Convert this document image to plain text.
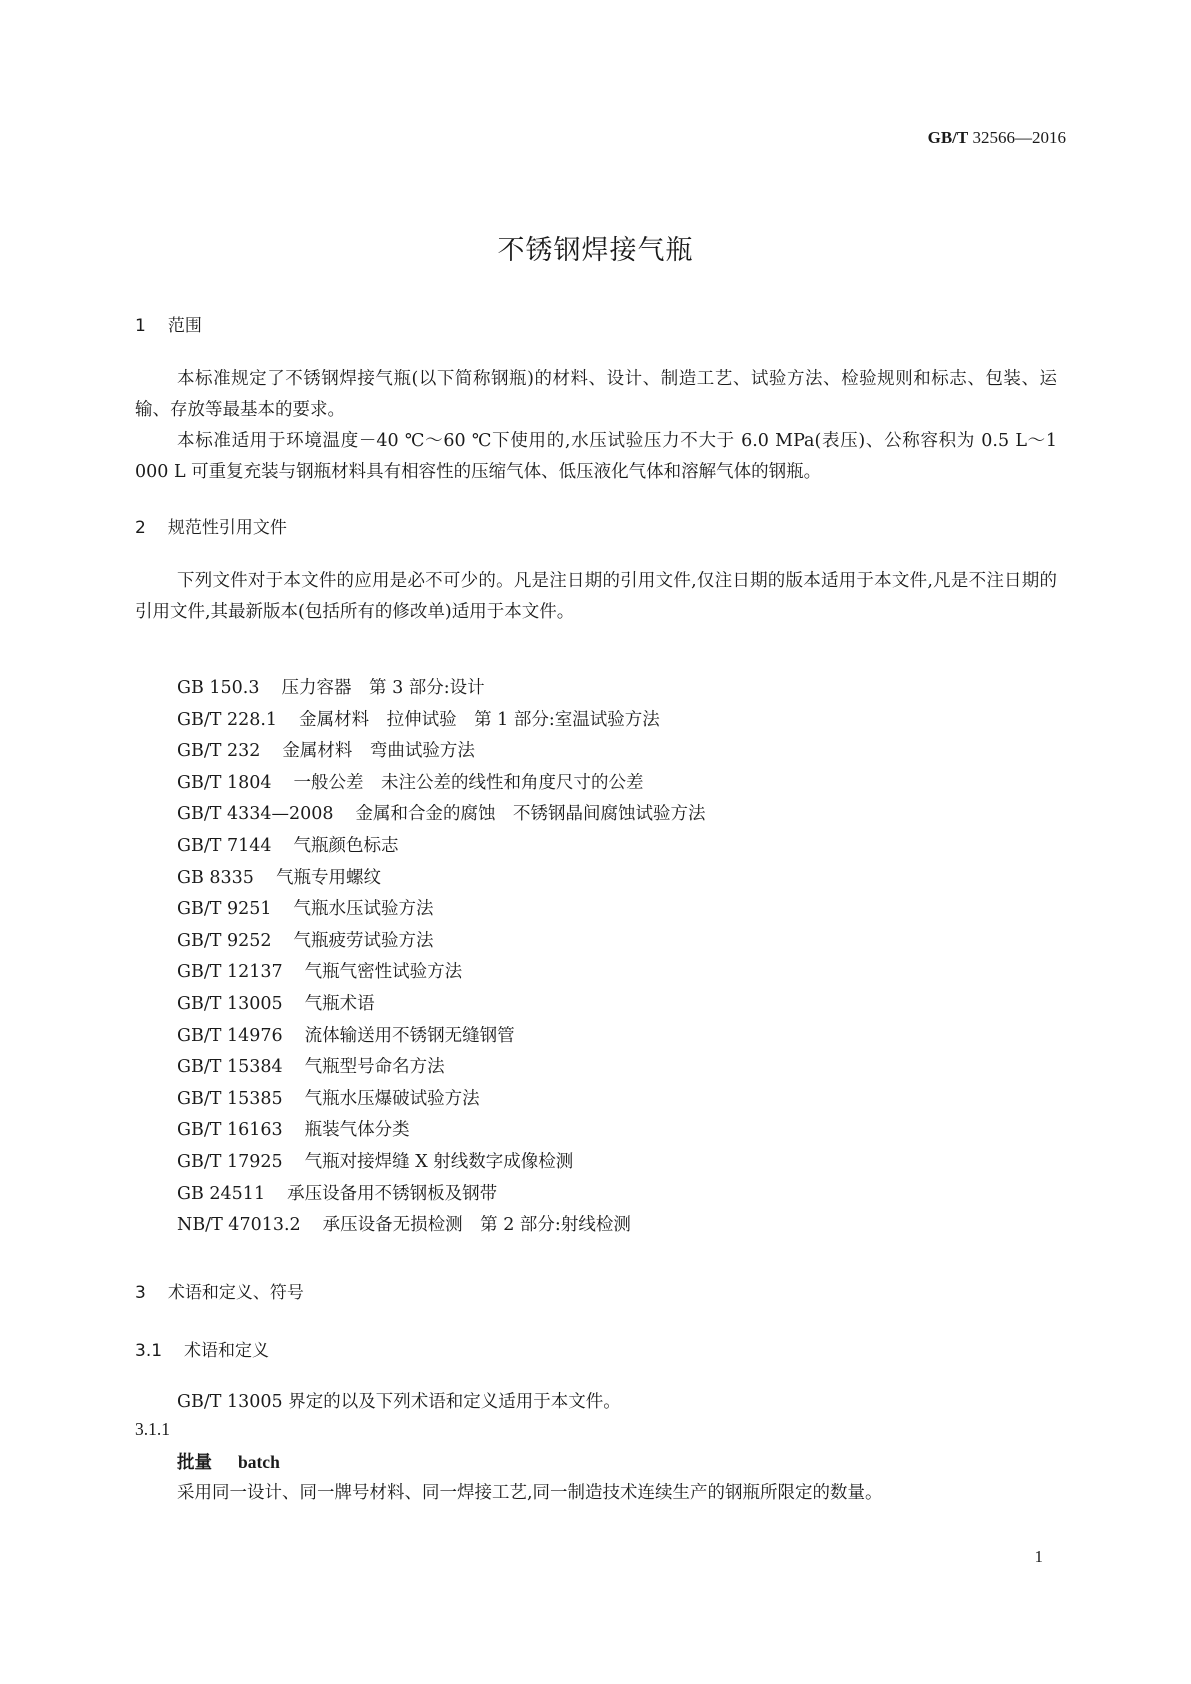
GB/T 32566—2016
不锈钢焊接气瓶
1 范围
本标准规定了不锈钢焊接气瓶(以下简称钢瓶)的材料、设计、制造工艺、试验方法、检验规则和标志、包装、运输、存放等最基本的要求。
本标准适用于环境温度－40 ℃～60 ℃下使用的,水压试验压力不大于 6.0 MPa(表压)、公称容积为 0.5 L～1 000 L 可重复充装与钢瓶材料具有相容性的压缩气体、低压液化气体和溶解气体的钢瓶。
2 规范性引用文件
下列文件对于本文件的应用是必不可少的。凡是注日期的引用文件,仅注日期的版本适用于本文件,凡是不注日期的引用文件,其最新版本(包括所有的修改单)适用于本文件。
GB 150.3 压力容器　第 3 部分:设计
GB/T 228.1 金属材料　拉伸试验　第 1 部分:室温试验方法
GB/T 232 金属材料　弯曲试验方法
GB/T 1804 一般公差　未注公差的线性和角度尺寸的公差
GB/T 4334—2008 金属和合金的腐蚀　不锈钢晶间腐蚀试验方法
GB/T 7144 气瓶颜色标志
GB 8335 气瓶专用螺纹
GB/T 9251 气瓶水压试验方法
GB/T 9252 气瓶疲劳试验方法
GB/T 12137 气瓶气密性试验方法
GB/T 13005 气瓶术语
GB/T 14976 流体输送用不锈钢无缝钢管
GB/T 15384 气瓶型号命名方法
GB/T 15385 气瓶水压爆破试验方法
GB/T 16163 瓶装气体分类
GB/T 17925 气瓶对接焊缝 X 射线数字成像检测
GB 24511 承压设备用不锈钢板及钢带
NB/T 47013.2 承压设备无损检测　第 2 部分:射线检测
3 术语和定义、符号
3.1 术语和定义
GB/T 13005 界定的以及下列术语和定义适用于本文件。
3.1.1
批量 batch
采用同一设计、同一牌号材料、同一焊接工艺,同一制造技术连续生产的钢瓶所限定的数量。
1
